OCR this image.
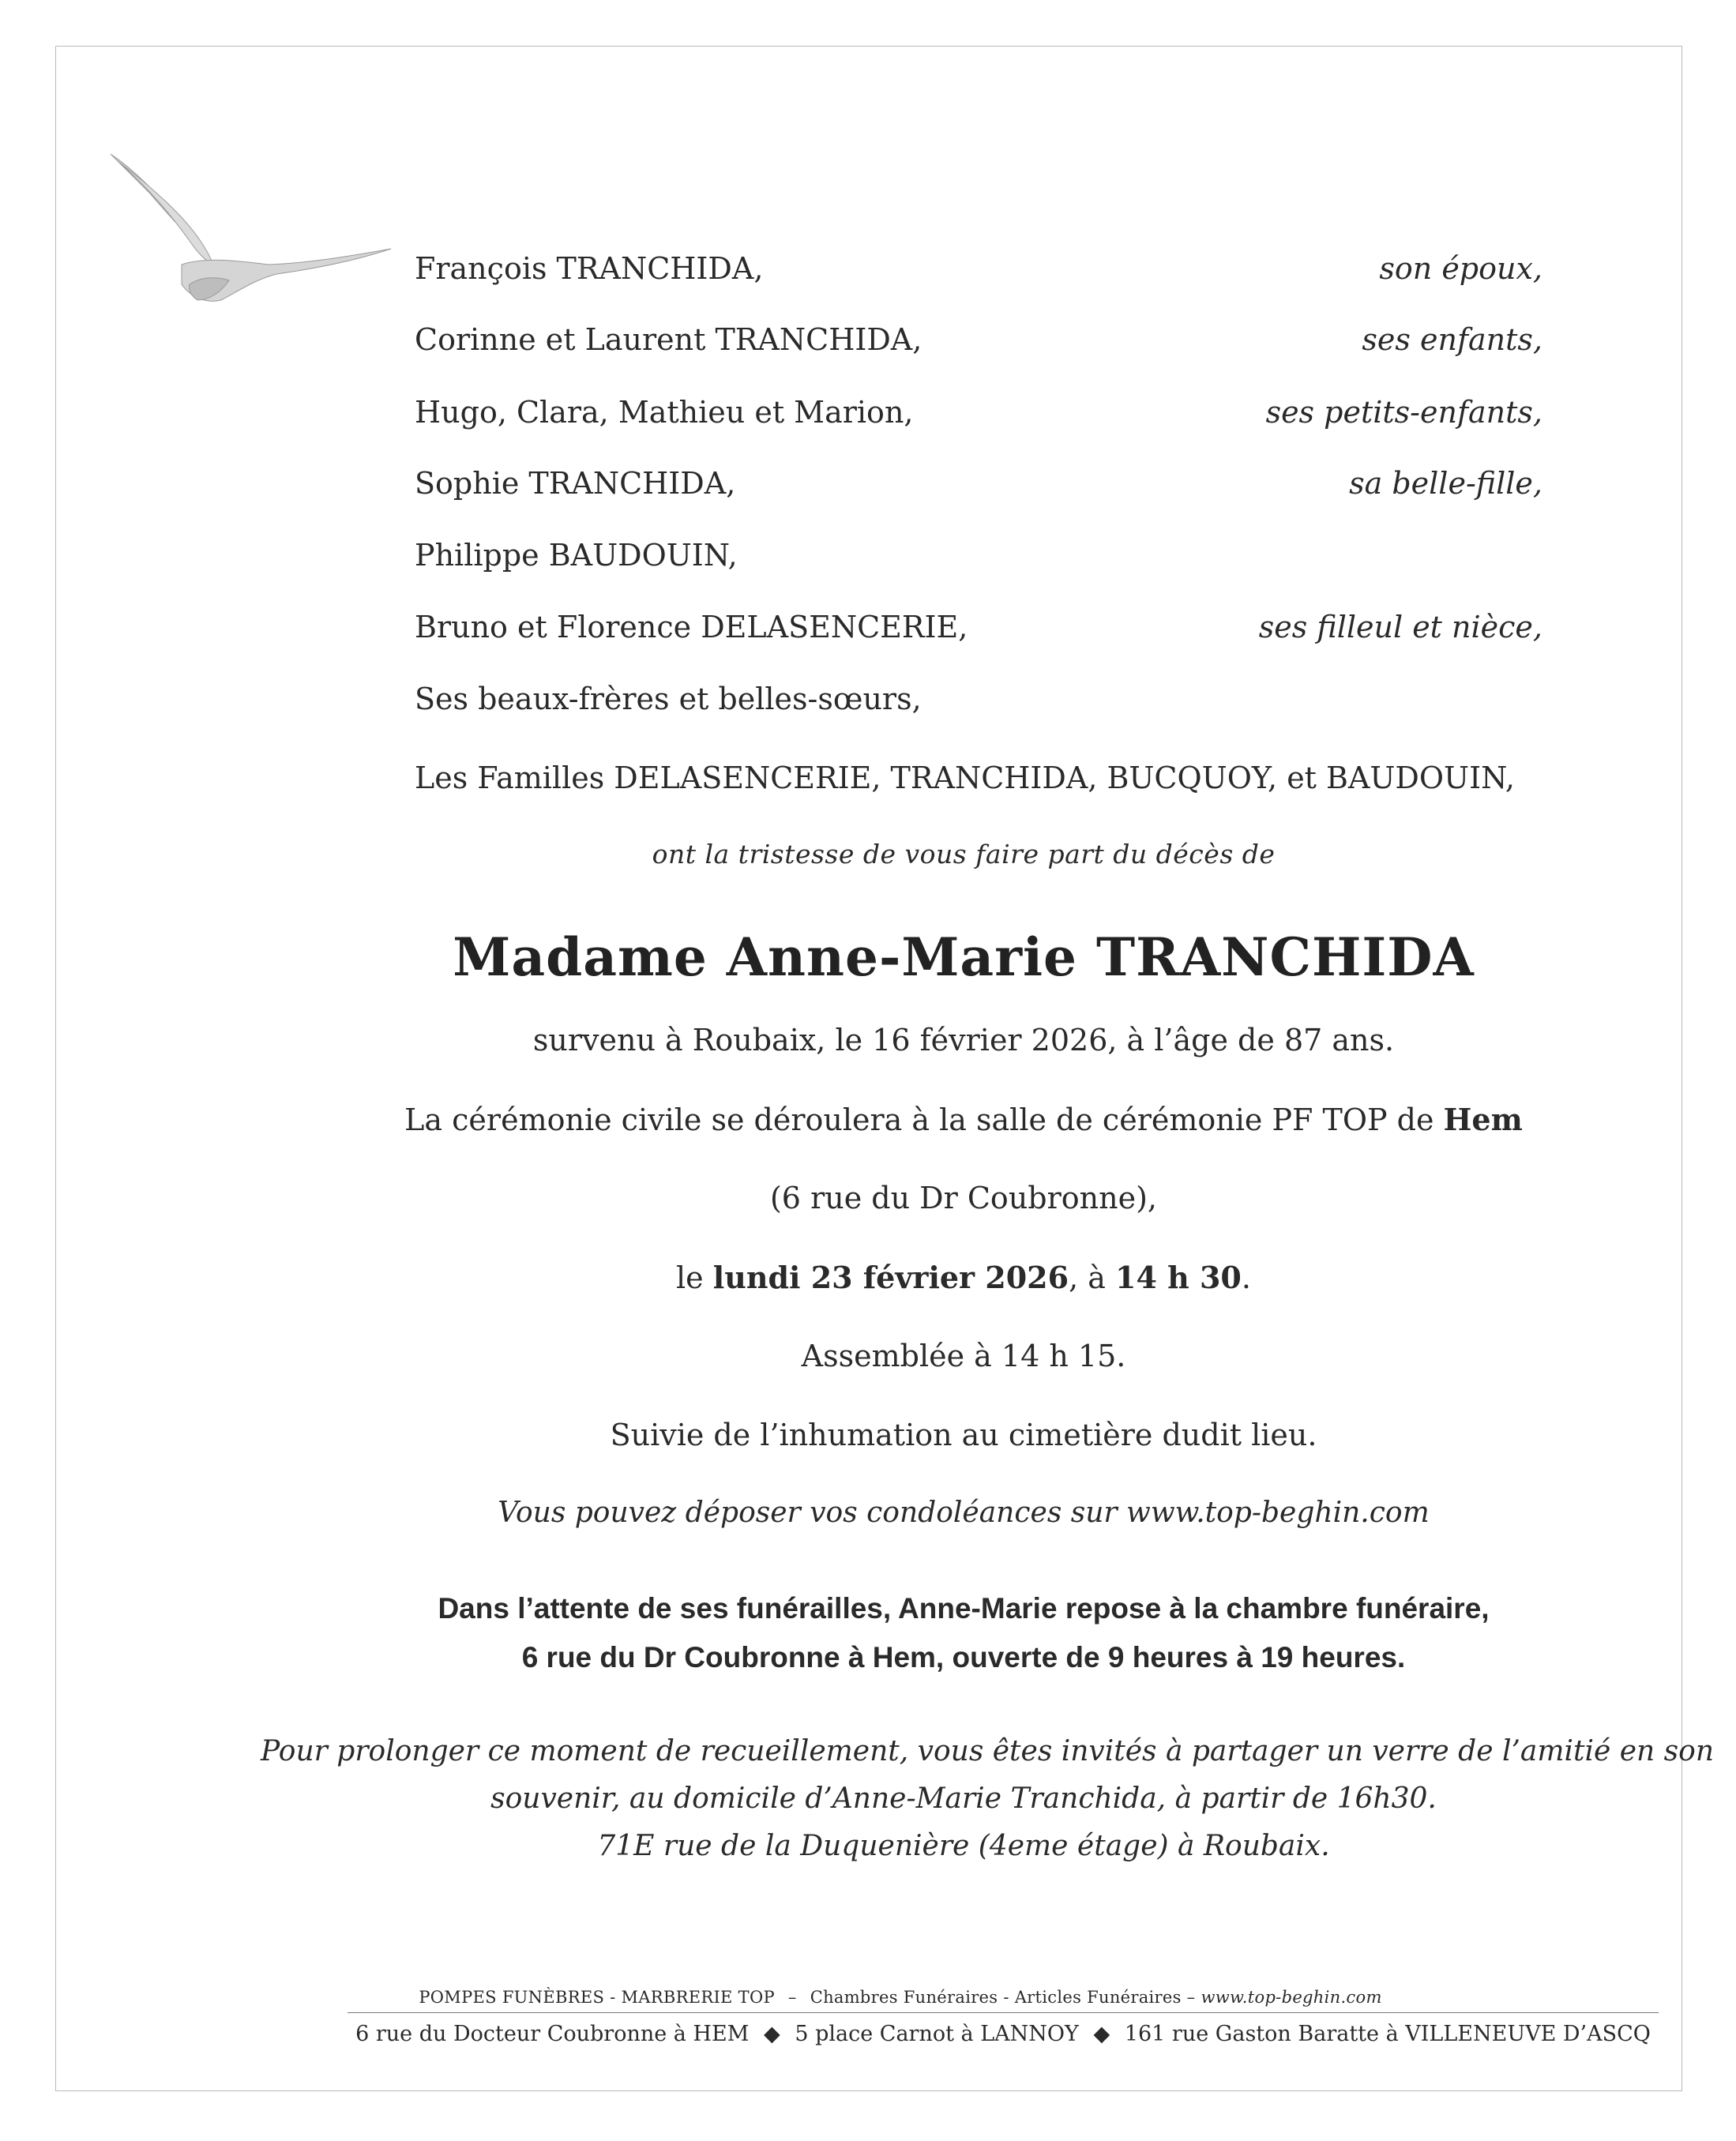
François TRANCHIDA,	son époux,
Corinne et Laurent TRANCHIDA,	ses enfants,
Hugo, Clara, Mathieu et Marion,	ses petits-enfants,
Sophie TRANCHIDA,	sa belle-fille,
Philippe BAUDOUIN,
Bruno et Florence DELASENCERIE,	ses filleul et nièce,
Ses beaux-frères et belles-sœurs,
Les Familles DELASENCERIE, TRANCHIDA, BUCQUOY, et BAUDOUIN,
ont la tristesse de vous faire part du décès de
Madame Anne-Marie TRANCHIDA
survenu à Roubaix, le 16 février 2026, à l’âge de 87 ans.
La cérémonie civile se déroulera à la salle de cérémonie PF TOP de Hem
(6 rue du Dr Coubronne),
le lundi 23 février 2026, à 14 h 30.
Assemblée à 14 h 15.
Suivie de l’inhumation au cimetière dudit lieu.
Vous pouvez déposer vos condoléances sur www.top-beghin.com
Dans l’attente de ses funérailles, Anne-Marie repose à la chambre funéraire,
6 rue du Dr Coubronne à Hem, ouverte de 9 heures à 19 heures.
Pour prolonger ce moment de recueillement, vous êtes invités à partager un verre de l’amitié en son
souvenir, au domicile d’Anne-Marie Tranchida, à partir de 16h30.
71E rue de la Duquenière (4eme étage) à Roubaix.
POMPES FUNÈBRES - MARBRERIE TOP – Chambres Funéraires - Articles Funéraires – www.top-beghin.com
6 rue du Docteur Coubronne à HEM ◆ 5 place Carnot à LANNOY ◆ 161 rue Gaston Baratte à VILLENEUVE D’ASCQ
